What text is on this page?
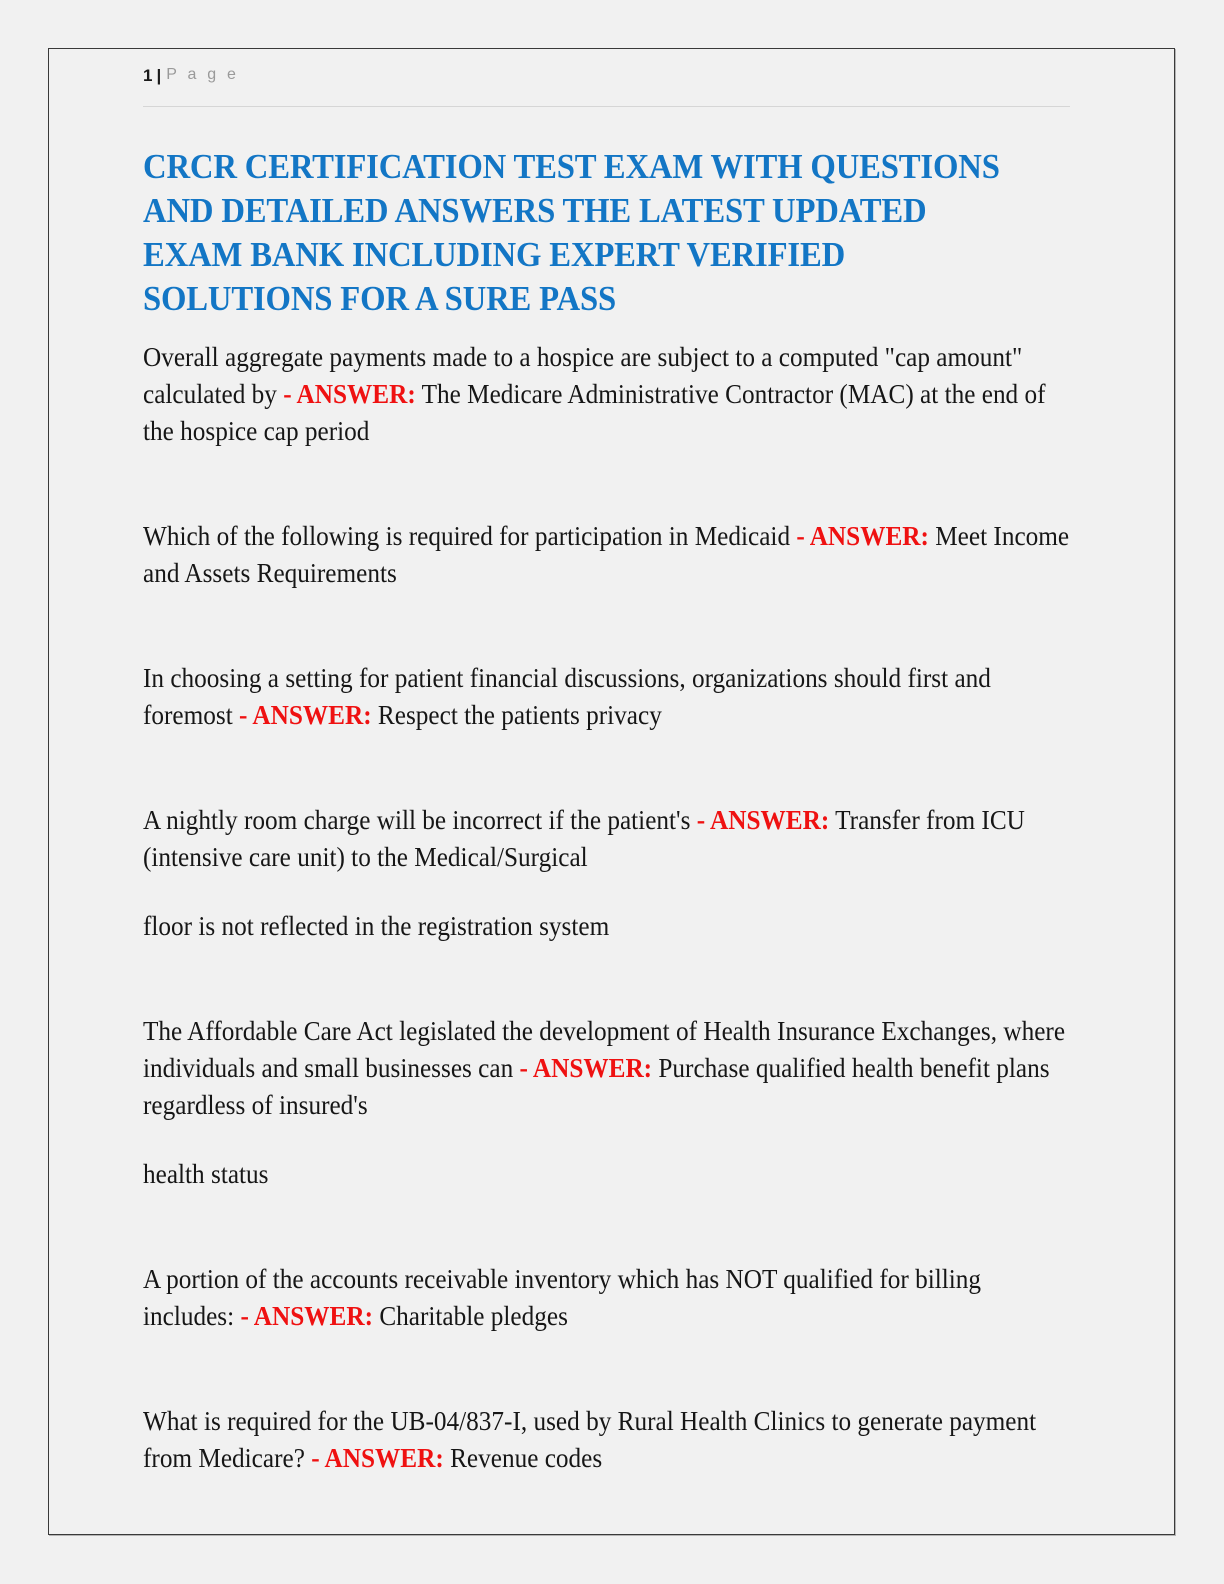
1 | P a g e
CRCR CERTIFICATION TEST EXAM WITH QUESTIONS AND DETAILED ANSWERS THE LATEST UPDATED EXAM BANK INCLUDING EXPERT VERIFIED SOLUTIONS FOR A SURE PASS

Overall aggregate payments made to a hospice are subject to a computed "cap amount" calculated by - ANSWER: The Medicare Administrative Contractor (MAC) at the end of the hospice cap period

Which of the following is required for participation in Medicaid - ANSWER: Meet Income and Assets Requirements

In choosing a setting for patient financial discussions, organizations should first and foremost - ANSWER: Respect the patients privacy

A nightly room charge will be incorrect if the patient's - ANSWER: Transfer from ICU (intensive care unit) to the Medical/Surgical

floor is not reflected in the registration system

The Affordable Care Act legislated the development of Health Insurance Exchanges, where individuals and small businesses can - ANSWER: Purchase qualified health benefit plans regardless of insured's

health status

A portion of the accounts receivable inventory which has NOT qualified for billing includes: - ANSWER: Charitable pledges

What is required for the UB-04/837-I, used by Rural Health Clinics to generate payment from Medicare? - ANSWER: Revenue codes
